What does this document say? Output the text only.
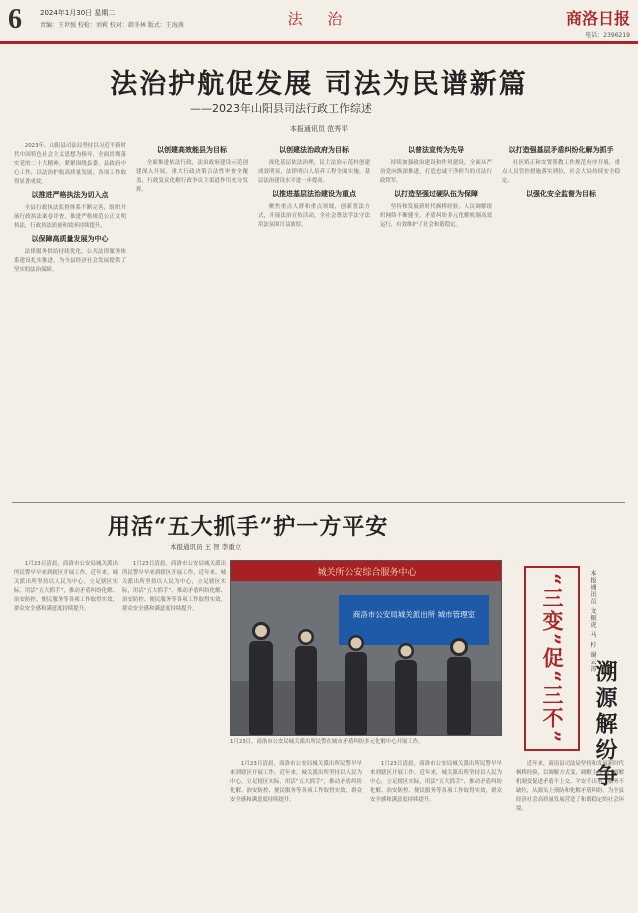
6	2024年1月30日 星期二
责编：王世强 校检：刘莉 校对：韩冬林 版式：王海燕	法 治	商洛日报
电话：2396219
法治护航促发展 司法为民谱新篇
——2023年山阳县司法行政工作综述
本报通讯员 范秀平

2023年，山阳县司法局坚持以习近平新时代中国特色社会主义思想为指导，全面贯彻落实党的二十大精神，紧紧围绕县委、县政府中心工作，以法治护航高质量发展，各项工作取得显著成效。

以推进严格执法为切入点

全县行政执法监督体系不断完善，组织开展行政执法案卷评查，推进严格规范公正文明执法，行政执法质量和效率持续提升。

以保障高质量发展为中心

法律服务供给持续优化，公共法律服务体系建设扎实推进，为全县经济社会发展提供了坚实的法治保障。

以创建高效能县为目标

全面推进依法行政，法治政府建设示范创建深入开展，重大行政决策合法性审查全覆盖，行政复议化解行政争议主渠道作用充分发挥。

以创建法治政府为目标

深化基层依法治理，民主法治示范村创建成效明显，法律明白人培养工程全面实施，基层法治建设水平进一步提高。

以推进基层法治建设为重点

聚焦重点人群和重点领域，创新普法方式，开展法治宣传活动，全社会尊法学法守法用法氛围日益浓厚。

以普法宣传为先导

持续加强政治建设和作风建设，全面从严治党向纵深推进，打造忠诚干净担当的司法行政铁军。

以打造坚强过硬队伍为保障

坚持和发展新时代枫桥经验，人民调解组织网络不断健全，矛盾纠纷多元化解机制高效运行，有效维护了社会和谐稳定。

以打造强基层矛盾纠纷化解为抓手

社区矫正和安置帮教工作规范有序开展，重点人员管控措施落实到位，社会大局持续安全稳定。

以强化安全监督为目标
用活“五大抓手”护一方平安
本报通讯员 王 智 李重立

1月23日清晨，商洛市公安局城关派出所民警早早来到辖区开展工作。近年来，城关派出所坚持以人民为中心，立足辖区实际，用活“五大抓手”，推动矛盾纠纷化解、治安防控、便民服务等各项工作取得实效，群众安全感和满意度持续提升。

1月23日清晨，商洛市公安局城关派出所民警早早来到辖区开展工作。近年来，城关派出所坚持以人民为中心，立足辖区实际，用活“五大抓手”，推动矛盾纠纷化解、治安防控、便民服务等各项工作取得实效，群众安全感和满意度持续提升。

城关所公安综合服务中心
商洛市公安局城关派出所 城市管理室
1月23日，商洛市公安局城关派出所民警在城市矛盾纠纷多元化解中心开展工作。

1月23日清晨，商洛市公安局城关派出所民警早早来到辖区开展工作。近年来，城关派出所坚持以人民为中心，立足辖区实际，用活“五大抓手”，推动矛盾纠纷化解、治安防控、便民服务等各项工作取得实效，群众安全感和满意度持续提升。

1月23日清晨，商洛市公安局城关派出所民警早早来到辖区开展工作。近年来，城关派出所坚持以人民为中心，立足辖区实际，用活“五大抓手”，推动矛盾纠纷化解、治安防控、便民服务等各项工作取得实效，群众安全感和满意度持续提升。

“三变”促“三不”	本报通讯员 文振虎 马 柠 谢云涛
溯源解纷争

近年来，商南县司法局坚持和发展新时代枫桥经验，以调解方式变、调解主体变、调解机制变促进矛盾不上交、平安不出事、服务不缺位，从源头上预防和化解矛盾纠纷，为全县经济社会高质量发展营造了和谐稳定的社会环境。
